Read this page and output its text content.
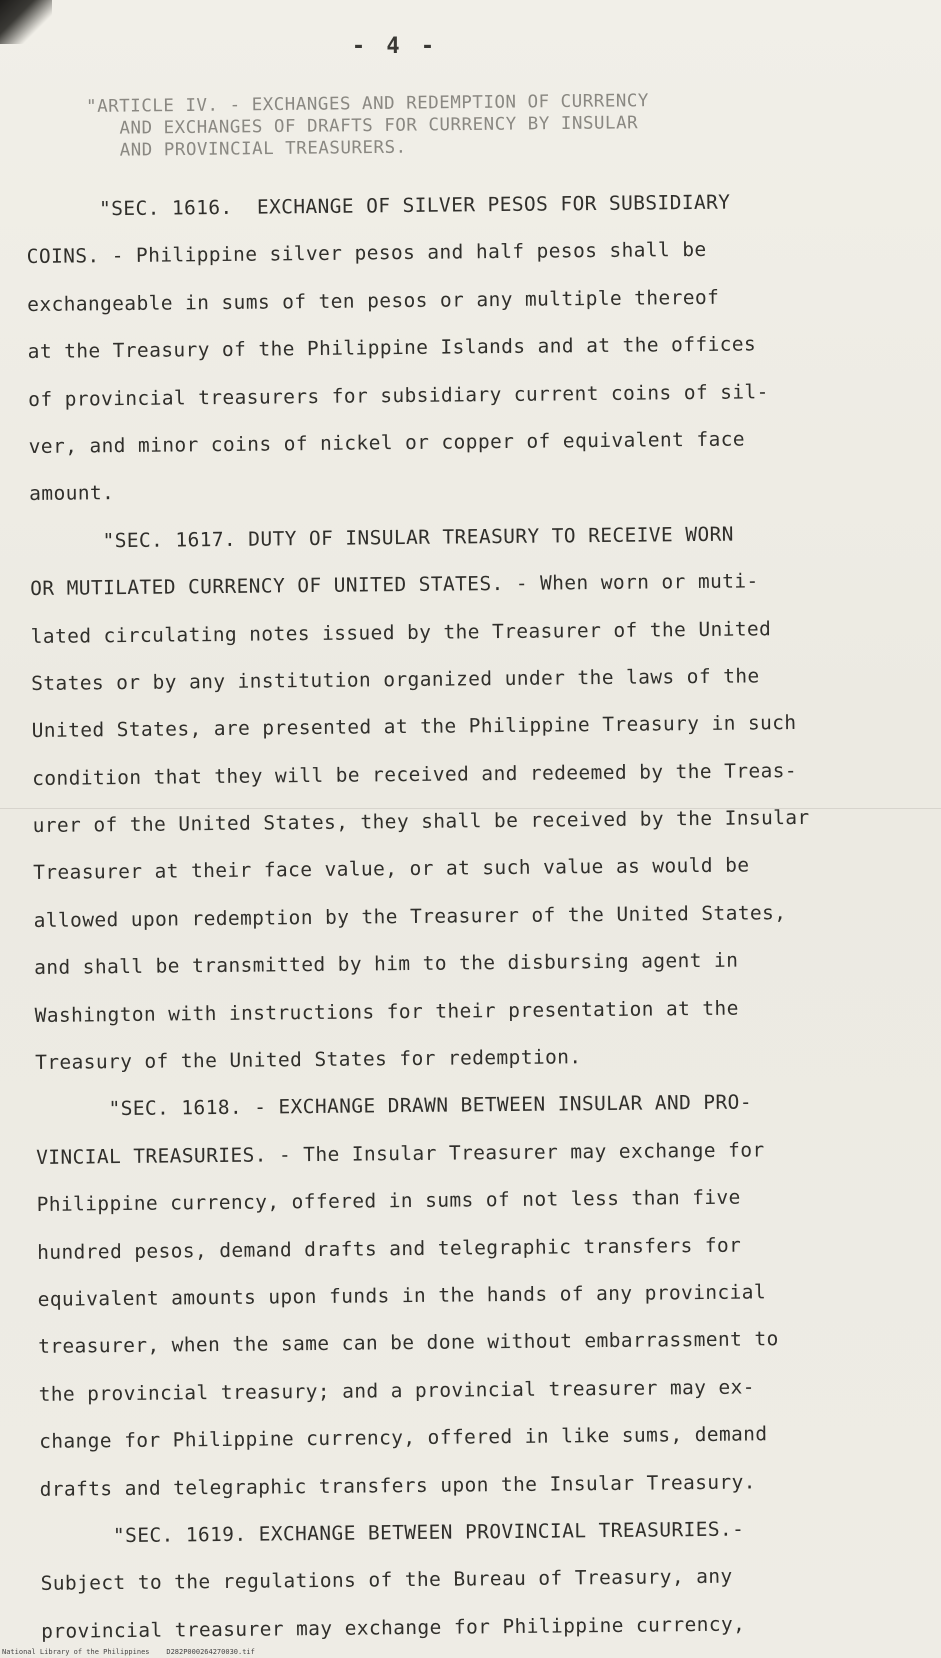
- 4 -
"ARTICLE IV. - EXCHANGES AND REDEMPTION OF CURRENCY
AND EXCHANGES OF DRAFTS FOR CURRENCY BY INSULAR
AND PROVINCIAL TREASURERS.
"SEC. 1616.  EXCHANGE OF SILVER PESOS FOR SUBSIDIARY
COINS. - Philippine silver pesos and half pesos shall be
exchangeable in sums of ten pesos or any multiple thereof
at the Treasury of the Philippine Islands and at the offices
of provincial treasurers for subsidiary current coins of sil-
ver, and minor coins of nickel or copper of equivalent face
amount.
"SEC. 1617. DUTY OF INSULAR TREASURY TO RECEIVE WORN
OR MUTILATED CURRENCY OF UNITED STATES. - When worn or muti-
lated circulating notes issued by the Treasurer of the United
States or by any institution organized under the laws of the
United States, are presented at the Philippine Treasury in such
condition that they will be received and redeemed by the Treas-
urer of the United States, they shall be received by the Insular
Treasurer at their face value, or at such value as would be
allowed upon redemption by the Treasurer of the United States,
and shall be transmitted by him to the disbursing agent in
Washington with instructions for their presentation at the
Treasury of the United States for redemption.
"SEC. 1618. - EXCHANGE DRAWN BETWEEN INSULAR AND PRO-
VINCIAL TREASURIES. - The Insular Treasurer may exchange for
Philippine currency, offered in sums of not less than five
hundred pesos, demand drafts and telegraphic transfers for
equivalent amounts upon funds in the hands of any provincial
treasurer, when the same can be done without embarrassment to
the provincial treasury; and a provincial treasurer may ex-
change for Philippine currency, offered in like sums, demand
drafts and telegraphic transfers upon the Insular Treasury.
"SEC. 1619. EXCHANGE BETWEEN PROVINCIAL TREASURIES.-
Subject to the regulations of the Bureau of Treasury, any
provincial treasurer may exchange for Philippine currency,
National Library of the Philippines    D282P000264270030.tif
